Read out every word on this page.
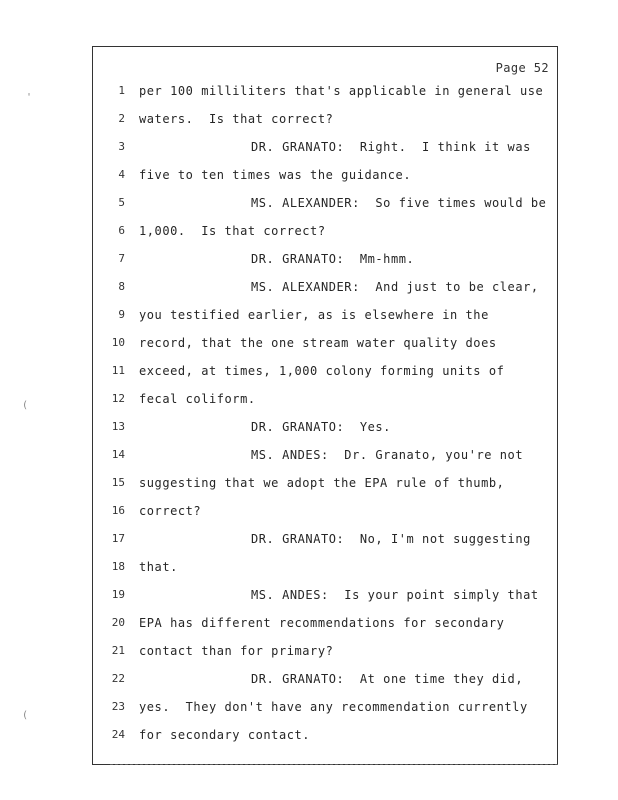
Page 52
1 per 100 milliliters that's applicable in general use
2 waters.  Is that correct?
3	DR. GRANATO:  Right.  I think it was
4 five to ten times was the guidance.
5	MS. ALEXANDER:  So five times would be
6 1,000.  Is that correct?
7	DR. GRANATO:  Mm-hmm.
8	MS. ALEXANDER:  And just to be clear,
9 you testified earlier, as is elsewhere in the
10 record, that the one stream water quality does
11 exceed, at times, 1,000 colony forming units of
12 fecal coliform.
13	DR. GRANATO:  Yes.
14	MS. ANDES:  Dr. Granato, you're not
15 suggesting that we adopt the EPA rule of thumb,
16 correct?
17	DR. GRANATO:  No, I'm not suggesting
18 that.
19	MS. ANDES:  Is your point simply that
20 EPA has different recommendations for secondary
21 contact than for primary?
22	DR. GRANATO:  At one time they did,
23 yes.  They don't have any recommendation currently
24 for secondary contact.
'
(
(
